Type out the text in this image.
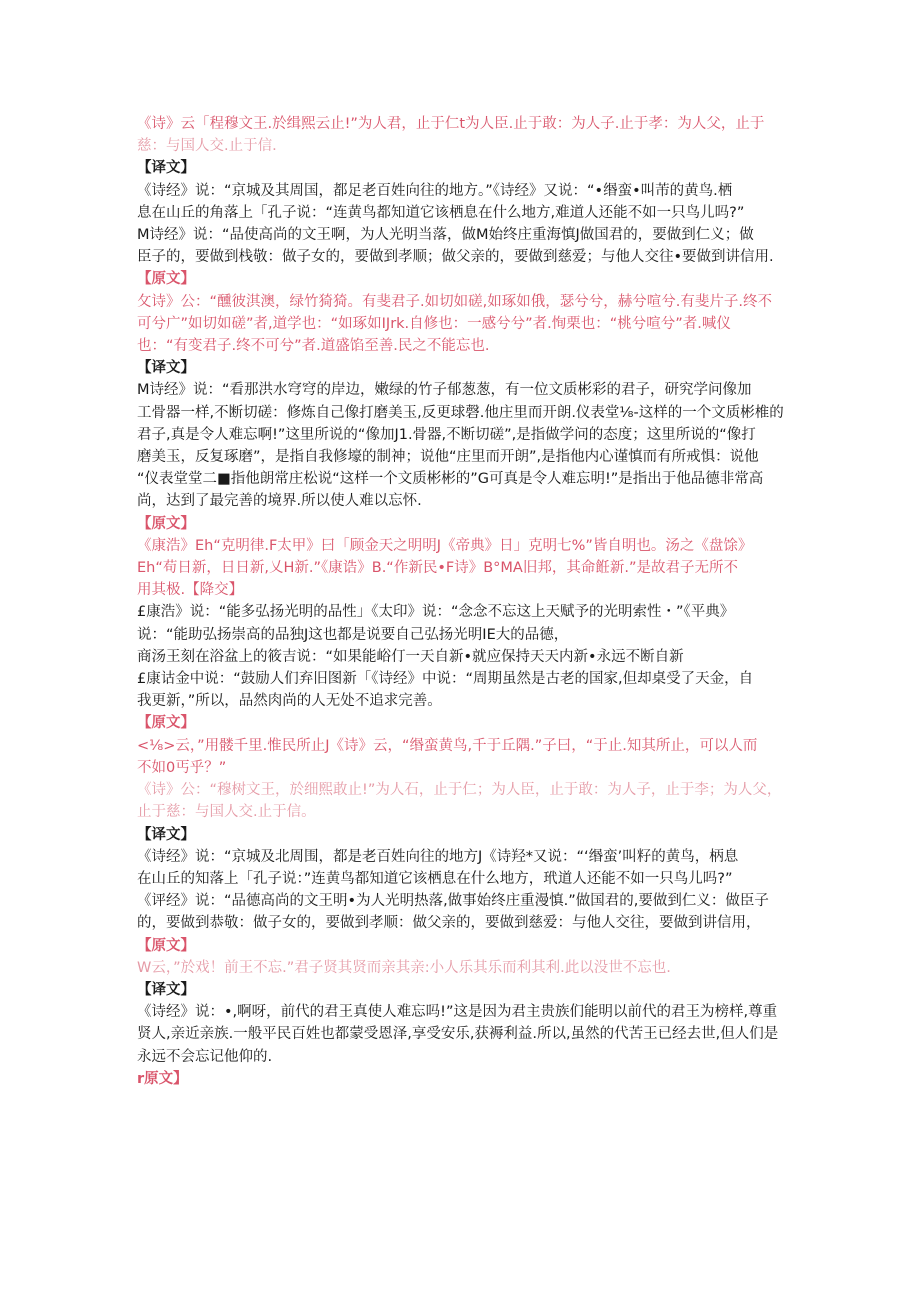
《诗》云「程穆文王.於缉熙云止!”为人君，止于仁t为人臣.止于敢：为人子.止于孝：为人父，止于
慈：与国人交.止于信.
【译文】
《诗经》说：“京城及其周国，都足老百姓向往的地方。”《诗经》又说：“•缗蛮•叫芾的黄鸟.栖
息在山丘的角落上「孔子说：“连黄鸟都知道它该栖息在什么地方,难道人还能不如一只鸟儿吗?”
M诗经》说：“品使高尚的文王啊，为人光明当落，做M始终庄重海慎J做国君的，要做到仁义；做
臣子的，要做到栈敬：做子女的，要做到孝顺；做父亲的，要做到慈爱；与他人交往•要做到讲信用.
【原文】
攵诗》公：“醺彼淇澳，绿竹猗猗。有斐君子.如切如磋,如琢如俄，瑟兮兮，赫兮喧兮.有斐片子.终不
可兮广”如切如磋”者,道学也：“如琢如IJrk.自修也：一感兮兮”者.恂栗也：“桃兮喧兮”者.喊仪
也：“有变君子.终不可兮”者.道盛馅至善.民之不能忘也.
【译文】
M诗经》说：“看那洪水穹穹的岸边，嫩绿的竹子郁葱葱，有一位文质彬彩的君子，研究学问像加
工骨器一样,不断切磋：修炼自己像打磨美玉,反更球磬.他庄里而开朗.仪表堂⅛-这样的一个文质彬椎的
君子,真是令人难忘啊!”这里所说的“像加J1.骨器,不断切磋”,是指做学问的态度；这里所说的“像打
磨美玉，反复琢磨”，是指自我修壕的制神；说他“庄里而开朗”,是指他内心谨慎而有所戒惧：说他
“仪表堂堂二■指他朗常庄松说“这样一个文质彬彬的”G可真是令人难忘明!”是指出于他品德非常高
尚，达到了最完善的境界.所以使人难以忘怀.
【原文】
《康浩》Eh“克明律.F太甲》曰「顾金天之明明J《帝典》日」克明七%”皆自明也。汤之《盘馀》
Eh“苟日新，日日新,乂H新.”《康诰》B.“作新民•F诗》B°MA旧邦，其命餁新.”是故君子无所不
用其极.【降交】
£康浩》说：“能多弘扬光明的品性」《太印》说：“念念不忘这上天赋予的光明索性・”《平典》
说：“能助弘扬崇高的品独J这也都是说要自己弘扬光明IE大的品德，
商汤王刻在浴盆上的筱吉说：“如果能峪仃一天自新•就应保持天天内新•永远不断自新
£康诂金中说：“鼓励人们弃旧图新「《诗经》中说：“周期虽然是古老的国家,但却桌受了天金，自
我更新，”所以，品然肉尚的人无处不追求完善。
【原文】
<⅛>云，”用髅千里.惟民所止J《诗》云，“缗蛮黄鸟,千于丘隅.”子曰，“于止.知其所止，可以人而
不如0丐乎？”
《诗》公：“穆树文王，於细熙敢止!”为人石，止于仁；为人臣，止于敢：为人子，止于李；为人父，
止于慈：与国人交.止于信。
【译文】
《诗经》说：“京城及北周围，都是老百姓向往的地方J《诗羟*又说：“‘缗蛮’叫籽的黄鸟，柄息
在山丘的知落上「孔子说：”连黄鸟都知道它该栖息在什么地方，玳道人还能不如一只鸟儿吗?”
《评经》说：“品德高尚的文王明•为人光明热落,做事始终庄重漫慎.”做国君的,要做到仁义：做臣子
的，要做到恭敬：做子女的，要做到孝顺：做父亲的，要做到慈爱：与他人交往，要做到讲信用，
【原文】
W云，”於戏！前王不忘.”君子贤其贤而亲其亲:小人乐其乐而利其利.此以没世不忘也.
【译文】
《诗经》说：•,啊呀，前代的君王真使人难忘吗!”这是因为君主贵族们能明以前代的君王为榜样,尊重
贤人,亲近亲族.一般平民百姓也都蒙受恩泽,享受安乐,获褥利益.所以,虽然的代苦王已经去世,但人们是
永远不会忘记他仰的.
r原文】
